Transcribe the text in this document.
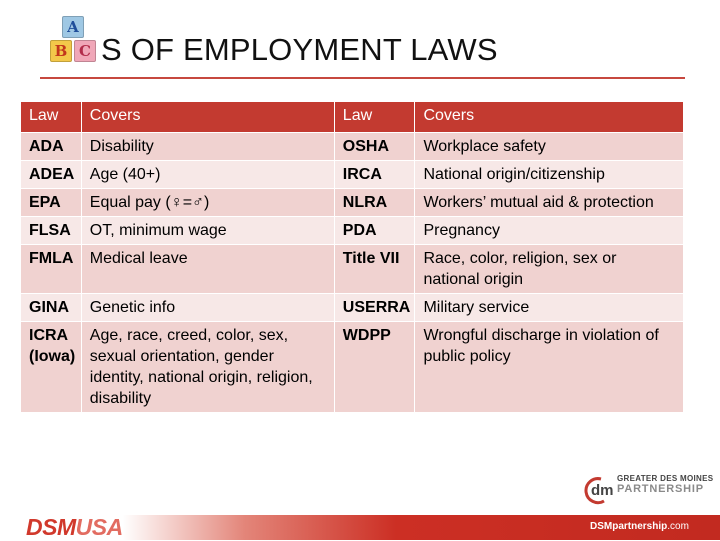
A
B C S OF EMPLOYMENT LAWS
Law	Covers	Law	Covers
ADA	Disability	OSHA	Workplace safety
ADEA	Age (40+)	IRCA	National origin/citizenship
EPA	Equal pay (♀=♂)	NLRA	Workers’ mutual aid & protection
FLSA	OT, minimum wage	PDA	Pregnancy
FMLA	Medical leave	Title VII	Race, color, religion, sex or national origin
GINA	Genetic info	USERRA	Military service
ICRA (Iowa)	Age, race, creed, color, sex, sexual orientation, gender identity, national origin, religion, disability	WDPP	Wrongful discharge in violation of public policy
dm
GREATER DES MOINES
PARTNERSHIP
DSMUSA	DSMpartnership.com
